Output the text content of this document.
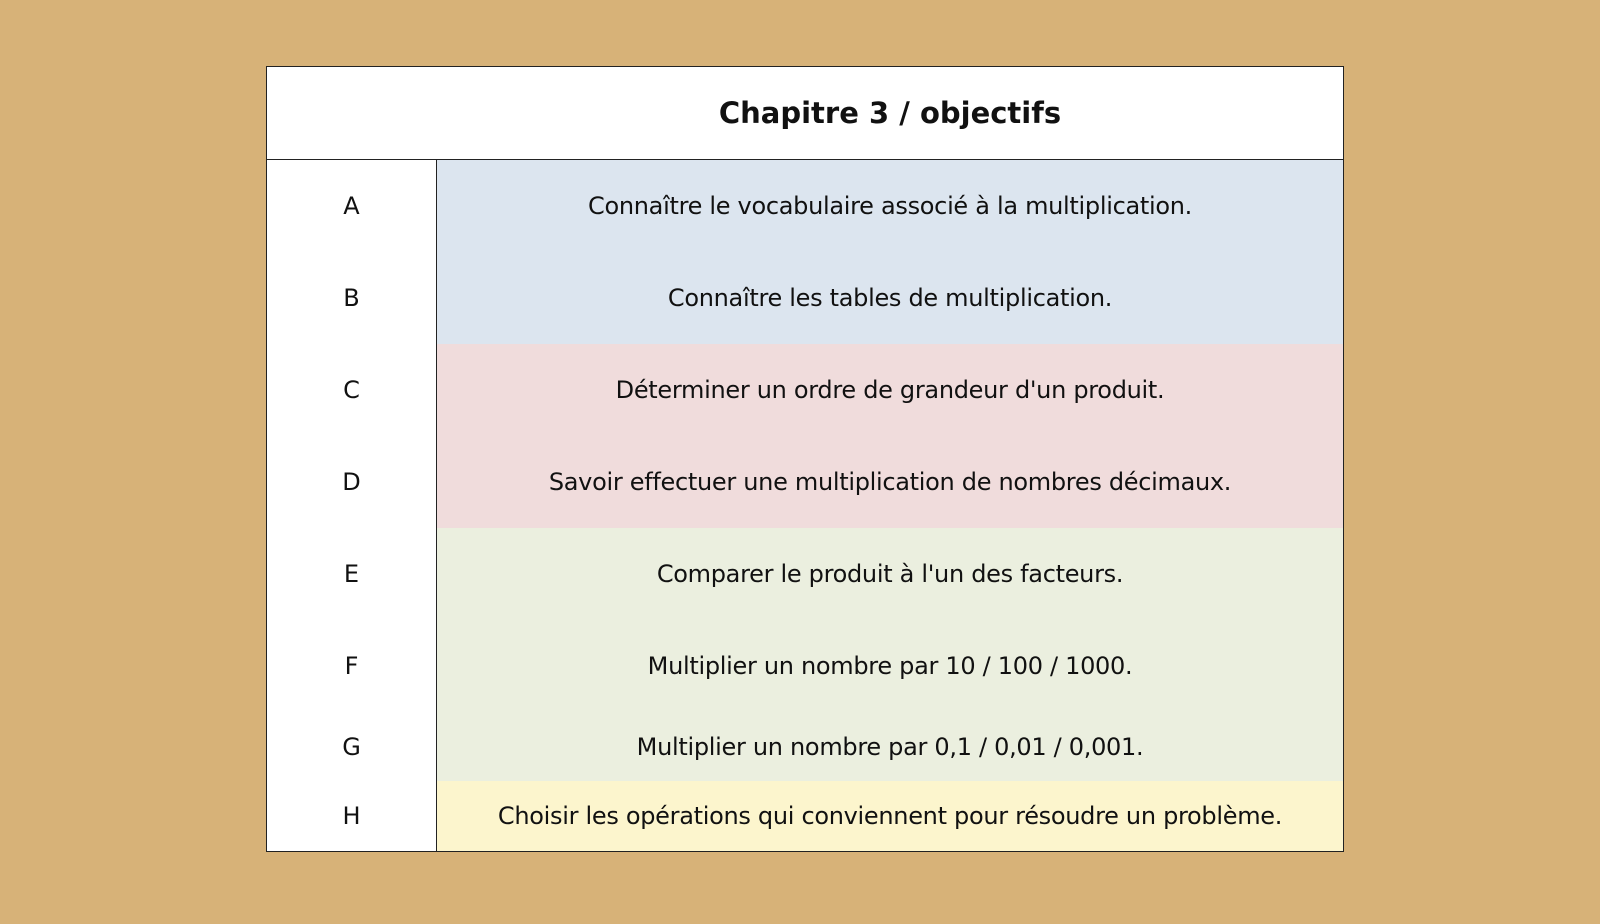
Chapitre 3 / objectifs
A	Connaître le vocabulaire associé à la multiplication.
B	Connaître les tables de multiplication.
C	Déterminer un ordre de grandeur d'un produit.
D	Savoir effectuer une multiplication de nombres décimaux.
E	Comparer le produit à l'un des facteurs.
F	Multiplier un nombre par 10 / 100 / 1000.
G	Multiplier un nombre par 0,1 / 0,01 / 0,001.
H	Choisir les opérations qui conviennent pour résoudre un problème.
